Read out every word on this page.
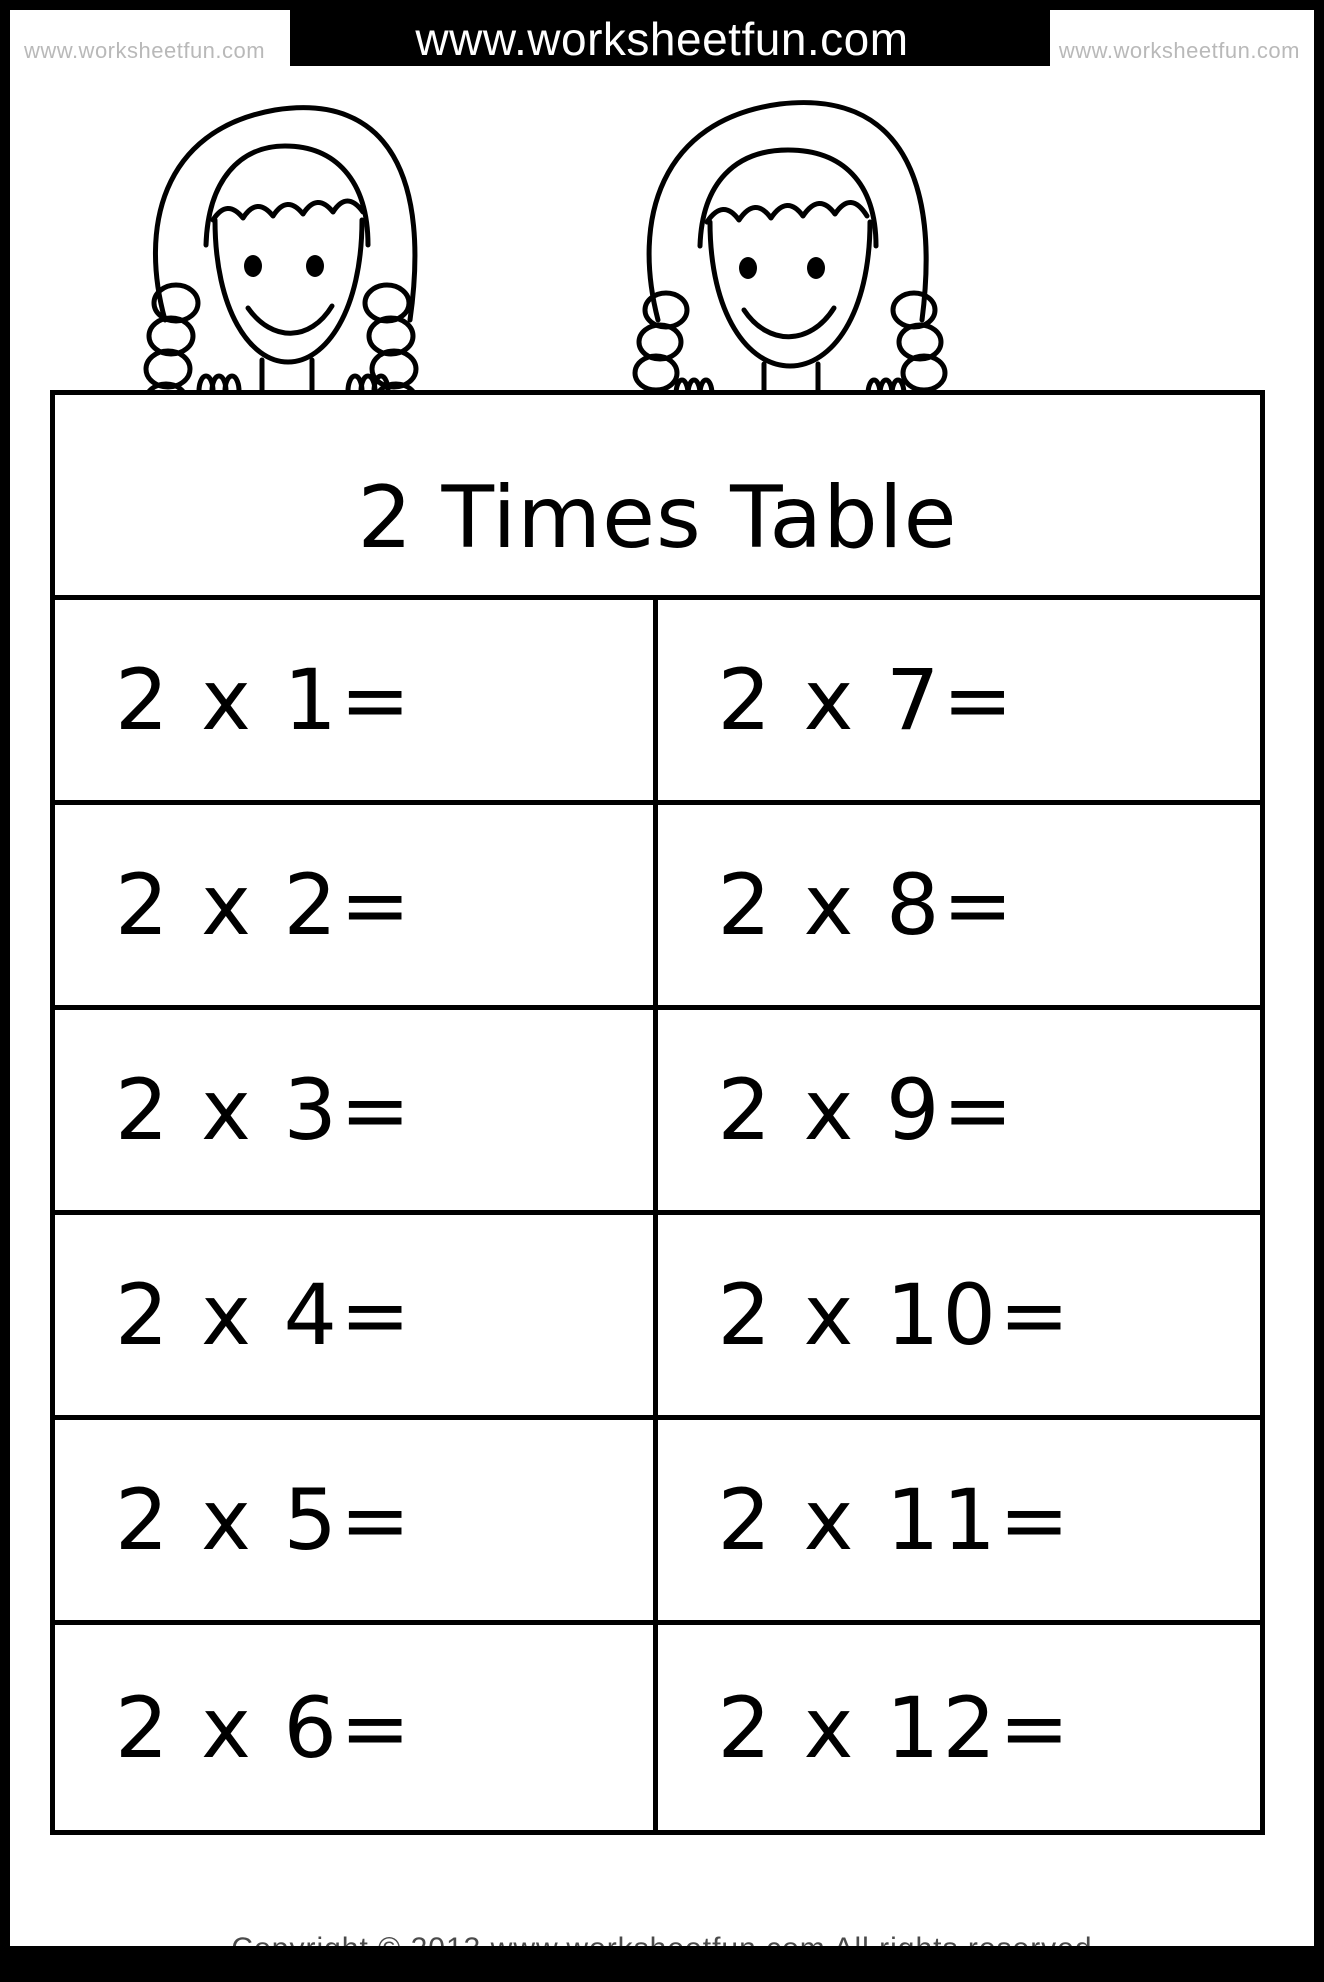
www.worksheetfun.com	www.worksheetfun.com	www.worksheetfun.com
2 Times Table
2 x 1=	2 x 7=
2 x 2=	2 x 8=
2 x 3=	2 x 9=
2 x 4=	2 x 10=
2 x 5=	2 x 11=
2 x 6=	2 x 12=
